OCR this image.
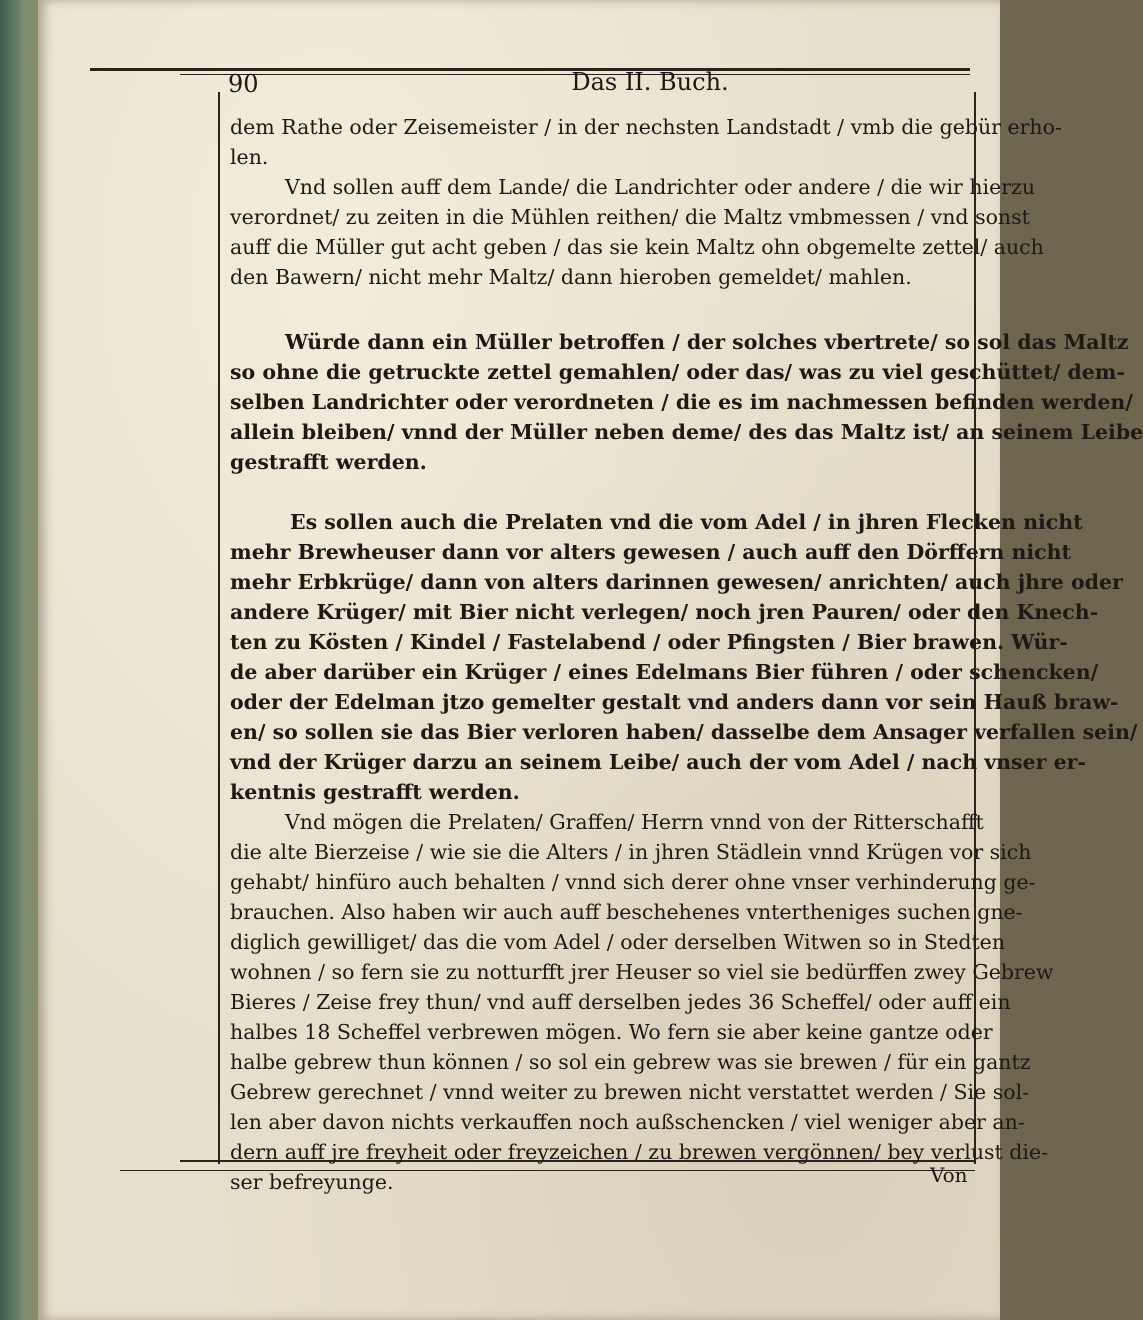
90	Das II. Buch.
dem Rathe oder Zeisemeister / in der nechsten Landstadt / vmb die gebür erho-
len.
Vnd sollen auff dem Lande/ die Landrichter oder andere / die wir hierzu
verordnet/ zu zeiten in die Mühlen reithen/ die Maltz vmbmessen / vnd sonst
auff die Müller gut acht geben / das sie kein Maltz ohn obgemelte zettel/ auch
den Bawern/ nicht mehr Maltz/ dann hieroben gemeldet/ mahlen.
Würde dann ein Müller betroffen / der solches vbertrete/ so sol das Maltz
so ohne die getruckte zettel gemahlen/ oder das/ was zu viel geschüttet/ dem-
selben Landrichter oder verordneten / die es im nachmessen befinden werden/
allein bleiben/ vnnd der Müller neben deme/ des das Maltz ist/ an seinem Leibe
gestrafft werden.
Es sollen auch die Prelaten vnd die vom Adel / in jhren Flecken nicht
mehr Brewheuser dann vor alters gewesen / auch auff den Dörffern nicht
mehr Erbkrüge/ dann von alters darinnen gewesen/ anrichten/ auch jhre oder
andere Krüger/ mit Bier nicht verlegen/ noch jren Pauren/ oder den Knech-
ten zu Kösten / Kindel / Fastelabend / oder Pfingsten / Bier brawen. Wür-
de aber darüber ein Krüger / eines Edelmans Bier führen / oder schencken/
oder der Edelman jtzo gemelter gestalt vnd anders dann vor sein Hauß braw-
en/ so sollen sie das Bier verloren haben/ dasselbe dem Ansager verfallen sein/
vnd der Krüger darzu an seinem Leibe/ auch der vom Adel / nach vnser er-
kentnis gestrafft werden.
Vnd mögen die Prelaten/ Graffen/ Herrn vnnd von der Ritterschafft
die alte Bierzeise / wie sie die Alters / in jhren Städlein vnnd Krügen vor sich
gehabt/ hinfüro auch behalten / vnnd sich derer ohne vnser verhinderung ge-
brauchen. Also haben wir auch auff beschehenes vntertheniges suchen gne-
diglich gewilliget/ das die vom Adel / oder derselben Witwen so in Stedten
wohnen / so fern sie zu notturfft jrer Heuser so viel sie bedürffen zwey Gebrew
Bieres / Zeise frey thun/ vnd auff derselben jedes 36 Scheffel/ oder auff ein
halbes 18 Scheffel verbrewen mögen. Wo fern sie aber keine gantze oder
halbe gebrew thun können / so sol ein gebrew was sie brewen / für ein gantz
Gebrew gerechnet / vnnd weiter zu brewen nicht verstattet werden / Sie sol-
len aber davon nichts verkauffen noch außschencken / viel weniger aber an-
dern auff jre freyheit oder freyzeichen / zu brewen vergönnen/ bey verlust die-
ser befreyunge.	Von
